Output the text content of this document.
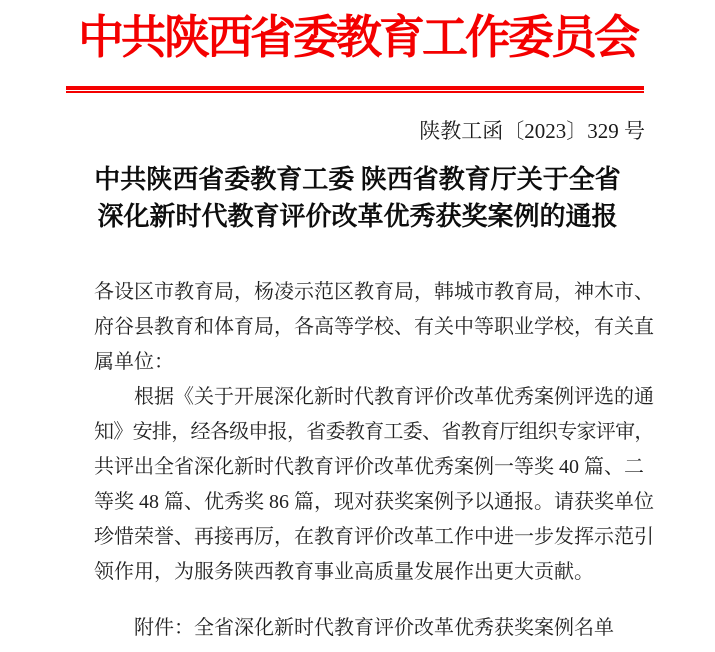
中共陕西省委教育工作委员会
陕教工函〔2023〕329 号
中共陕西省委教育工委 陕西省教育厅关于全省
深化新时代教育评价改革优秀获奖案例的通报
各设区市教育局，杨凌示范区教育局，韩城市教育局，神木市、
府谷县教育和体育局，各高等学校、有关中等职业学校，有关直
属单位：
根据《关于开展深化新时代教育评价改革优秀案例评选的通
知》安排，经各级申报，省委教育工委、省教育厅组织专家评审，
共评出全省深化新时代教育评价改革优秀案例一等奖 40 篇、二
等奖 48 篇、优秀奖 86 篇，现对获奖案例予以通报。请获奖单位
珍惜荣誉、再接再厉，在教育评价改革工作中进一步发挥示范引
领作用，为服务陕西教育事业高质量发展作出更大贡献。
附件：全省深化新时代教育评价改革优秀获奖案例名单
